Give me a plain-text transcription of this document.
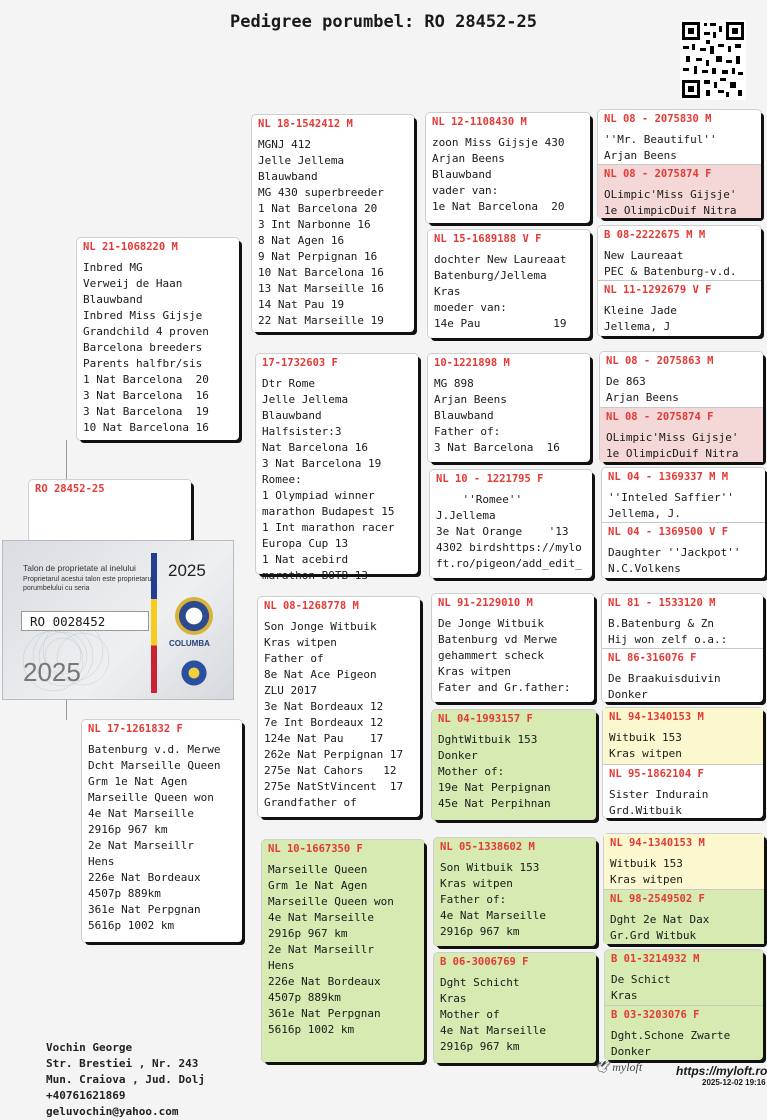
Pedigree porumbel: RO 28452-25
RO 28452-25
Talon de proprietate al inelului
Proprietarul acestui talon este proprietarul porumbelului cu seria
2025
RO 0028452
COLUMBA
2025
NL 21-1068220 M
Inbred MG
Verweij de Haan
Blauwband
Inbred Miss Gijsje
Grandchild 4 proven
Barcelona breeders
Parents halfbr/sis
1 Nat Barcelona  20
3 Nat Barcelona  16
3 Nat Barcelona  19
10 Nat Barcelona 16
NL 17-1261832 F
Batenburg v.d. Merwe
Dcht Marseille Queen
Grm 1e Nat Agen
Marseille Queen won
4e Nat Marseille
2916p 967 km
2e Nat Marseillr
Hens
226e Nat Bordeaux
4507p 889km
361e Nat Perpgnan
5616p 1002 km
NL 18-1542412 M
MGNJ 412
Jelle Jellema
Blauwband
MG 430 superbreeder
1 Nat Barcelona 20
3 Int Narbonne 16
8 Nat Agen 16
9 Nat Perpignan 16
10 Nat Barcelona 16
13 Nat Marseille 16
14 Nat Pau 19
22 Nat Marseille 19
17-1732603 F
Dtr Rome
Jelle Jellema
Blauwband
Halfsister:3
Nat Barcelona 16
3 Nat Barcelona 19
Romee:
1 Olympiad winner
marathon Budapest 15
1 Int marathon racer
Europa Cup 13
1 Nat acebird
marathon BOTB 13
NL 08-1268778 M
Son Jonge Witbuik
Kras witpen
Father of
8e Nat Ace Pigeon
ZLU 2017
3e Nat Bordeaux 12
7e Int Bordeaux 12
124e Nat Pau    17
262e Nat Perpignan 17
275e Nat Cahors   12
275e NatStVincent  17
Grandfather of
NL 10-1667350 F
Marseille Queen
Grm 1e Nat Agen
Marseille Queen won
4e Nat Marseille
2916p 967 km
2e Nat Marseillr
Hens
226e Nat Bordeaux
4507p 889km
361e Nat Perpgnan
5616p 1002 km
NL 12-1108430 M
zoon Miss Gijsje 430
Arjan Beens
Blauwband
vader van:
1e Nat Barcelona  20
NL 15-1689188 V F
dochter New Laureaat
Batenburg/Jellema
Kras
moeder van:
14e Pau           19
10-1221898 M
MG 898
Arjan Beens
Blauwband
Father of:
3 Nat Barcelona  16
NL 10 - 1221795 F
''Romee''
J.Jellema
3e Nat Orange    '13
4302 birdshttps://mylo
ft.ro/pigeon/add_edit_
NL 91-2129010 M
De Jonge Witbuik
Batenburg vd Merwe
gehammert scheck
Kras witpen
Fater and Gr.father:
NL 04-1993157 F
DghtWitbuik 153
Donker
Mother of:
19e Nat Perpignan
45e Nat Perpihnan
NL 05-1338602 M
Son Witbuik 153
Kras witpen
Father of:
4e Nat Marseille
2916p 967 km
B 06-3006769 F
Dght Schicht
Kras
Mother of
4e Nat Marseille
2916p 967 km
NL 08 - 2075830 M
''Mr. Beautiful''
Arjan Beens
NL 08 - 2075874 F
OLimpic'Miss Gijsje'
1e OlimpicDuif Nitra
B 08-2222675 M M
New Laureaat
PEC & Batenburg-v.d.
NL 11-1292679 V F
Kleine Jade
Jellema, J
NL 08 - 2075863 M
De 863
Arjan Beens
NL 08 - 2075874 F
OLimpic'Miss Gijsje'
1e OlimpicDuif Nitra
NL 04 - 1369337 M M
''Inteled Saffier''
Jellema, J.
NL 04 - 1369500 V F
Daughter ''Jackpot''
N.C.Volkens
NL 81 - 1533120 M
B.Batenburg & Zn
Hij won zelf o.a.:
NL 86-316076 F
De Braakuisduivin
Donker
NL 94-1340153 M
Witbuik 153
Kras witpen
NL 95-1862104 F
Sister Indurain
Grd.Witbuik
NL 94-1340153 M
Witbuik 153
Kras witpen
NL 98-2549502 F
Dght 2e Nat Dax
Gr.Grd Witbuk
B 01-3214932 M
De Schict
Kras
B 03-3203076 F
Dght.Schone Zwarte
Donker
Vochin George
Str. Brestiei , Nr. 243
Mun. Craiova , Jud. Dolj
+40761621869
geluvochin@yahoo.com
🕊 myloft	https://myloft.ro
2025-12-02 19:16
